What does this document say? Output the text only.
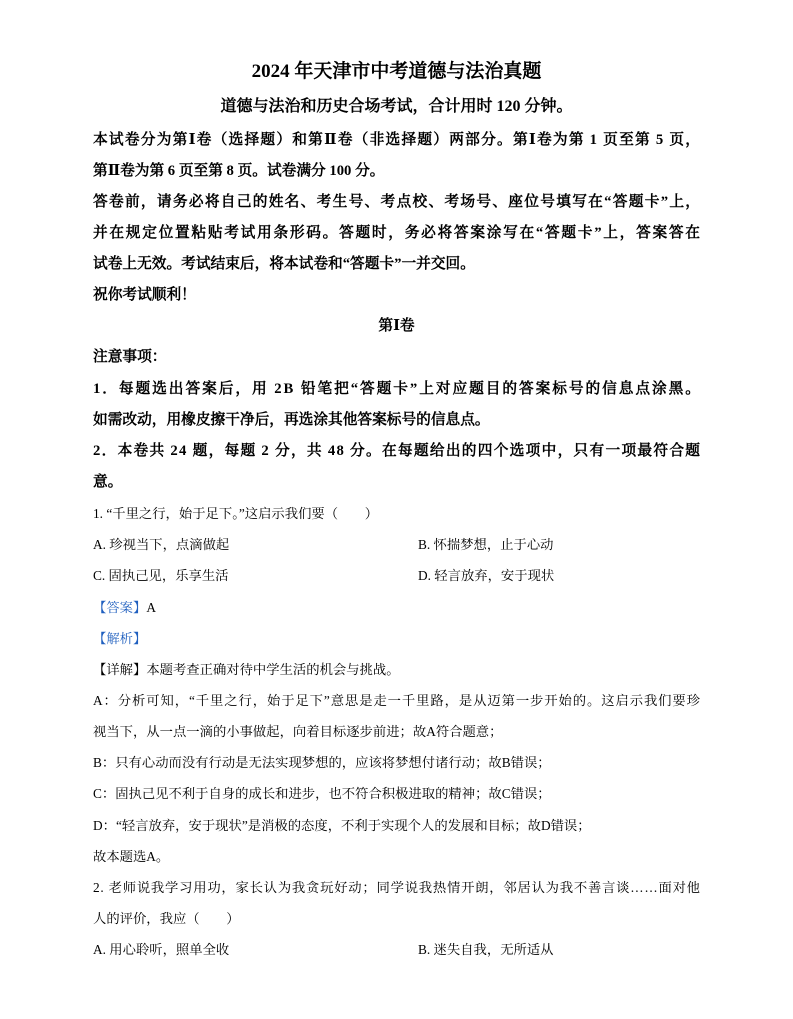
2024 年天津市中考道德与法治真题
道德与法治和历史合场考试，合计用时 120 分钟。
本试卷分为第Ⅰ卷（选择题）和第Ⅱ卷（非选择题）两部分。第Ⅰ卷为第 1 页至第 5 页，
第Ⅱ卷为第 6 页至第 8 页。试卷满分 100 分。
答卷前，请务必将自己的姓名、考生号、考点校、考场号、座位号填写在“答题卡”上，
并在规定位置粘贴考试用条形码。答题时，务必将答案涂写在“答题卡”上，答案答在
试卷上无效。考试结束后，将本试卷和“答题卡”一并交回。
祝你考试顺利！
第Ⅰ卷
注意事项：
1．每题选出答案后，用 2B 铅笔把“答题卡”上对应题目的答案标号的信息点涂黑。
如需改动，用橡皮擦干净后，再选涂其他答案标号的信息点。
2．本卷共 24 题，每题 2 分，共 48 分。在每题给出的四个选项中，只有一项最符合题
意。
1. “千里之行，始于足下。”这启示我们要（　　）
A. 珍视当下，点滴做起	B. 怀揣梦想，止于心动
C. 固执己见，乐享生活	D. 轻言放弃，安于现状
【答案】A
【解析】
【详解】本题考查正确对待中学生活的机会与挑战。
A：分析可知，“千里之行，始于足下”意思是走一千里路，是从迈第一步开始的。这启示我们要珍
视当下，从一点一滴的小事做起，向着目标逐步前进；故A符合题意；
B：只有心动而没有行动是无法实现梦想的，应该将梦想付诸行动；故B错误；
C：固执己见不利于自身的成长和进步，也不符合积极进取的精神；故C错误；
D：“轻言放弃，安于现状”是消极的态度，不利于实现个人的发展和目标；故D错误；
故本题选A。
2. 老师说我学习用功，家长认为我贪玩好动；同学说我热情开朗，邻居认为我不善言谈……面对他
人的评价，我应（　　）
A. 用心聆听，照单全收	B. 迷失自我，无所适从
